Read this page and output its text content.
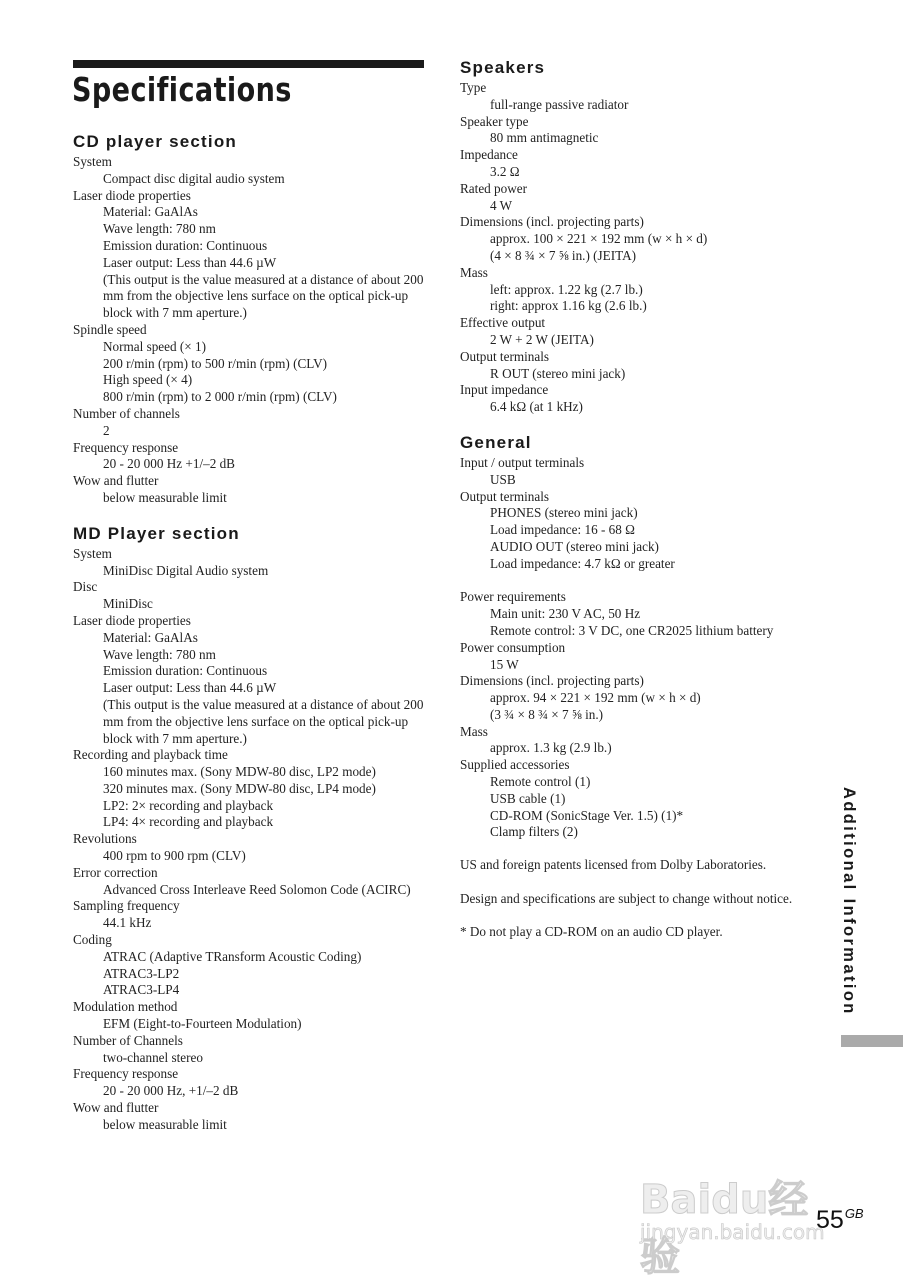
Specifications
CD player section
System
Compact disc digital audio system
Laser diode properties
Material: GaAlAs
Wave length: 780 nm
Emission duration: Continuous
Laser output: Less than 44.6 µW
(This output is the value measured at a distance of about 200 mm from the objective lens surface on the optical pick-up block with 7 mm aperture.)
Spindle speed
Normal speed (× 1)
200 r/min (rpm) to 500 r/min (rpm) (CLV)
High speed (× 4)
800 r/min (rpm) to 2 000 r/min (rpm) (CLV)
Number of channels
2
Frequency response
20 - 20 000 Hz +1/–2 dB
Wow and flutter
below measurable limit
MD Player section
System
MiniDisc Digital Audio system
Disc
MiniDisc
Laser diode properties
Material: GaAlAs
Wave length: 780 nm
Emission duration: Continuous
Laser output: Less than 44.6 µW
(This output is the value measured at a distance of about 200 mm from the objective lens surface on the optical pick-up block with 7 mm aperture.)
Recording and playback time
160 minutes max. (Sony MDW-80 disc, LP2 mode)
320 minutes max. (Sony MDW-80 disc, LP4 mode)
LP2: 2× recording and playback
LP4: 4× recording and playback
Revolutions
400 rpm to 900 rpm (CLV)
Error correction
Advanced Cross Interleave Reed Solomon Code (ACIRC)
Sampling frequency
44.1 kHz
Coding
ATRAC (Adaptive TRansform Acoustic Coding)
ATRAC3-LP2
ATRAC3-LP4
Modulation method
EFM (Eight-to-Fourteen Modulation)
Number of Channels
two-channel stereo
Frequency response
20 - 20 000 Hz, +1/–2 dB
Wow and flutter
below measurable limit
Speakers
Type
full-range passive radiator
Speaker type
80 mm antimagnetic
Impedance
3.2 Ω
Rated power
4 W
Dimensions (incl. projecting parts)
approx. 100 × 221 × 192 mm (w × h × d)
(4 × 8 ¾ × 7 ⅝ in.) (JEITA)
Mass
left: approx. 1.22 kg (2.7 lb.)
right: approx 1.16 kg (2.6 lb.)
Effective output
2 W + 2 W (JEITA)
Output terminals
R OUT (stereo mini jack)
Input impedance
6.4 kΩ (at 1 kHz)
General
Input / output terminals
USB
Output terminals
PHONES (stereo mini jack)
Load impedance: 16 - 68 Ω
AUDIO OUT (stereo mini jack)
Load impedance: 4.7 kΩ or greater
Power requirements
Main unit: 230 V AC, 50 Hz
Remote control: 3 V DC, one CR2025 lithium battery
Power consumption
15 W
Dimensions (incl. projecting parts)
approx. 94 × 221 × 192 mm (w × h × d)
(3 ¾ × 8 ¾ × 7 ⅝ in.)
Mass
approx. 1.3 kg (2.9 lb.)
Supplied accessories
Remote control (1)
USB cable (1)
CD-ROM (SonicStage Ver. 1.5) (1)*
Clamp filters (2)

US and foreign patents licensed from Dolby Laboratories.

Design and specifications are subject to change without notice.

* Do not play a CD-ROM on an audio CD player.	Additional Information
Baidu经验
jingyan.baidu.com
$55^{GB}$
